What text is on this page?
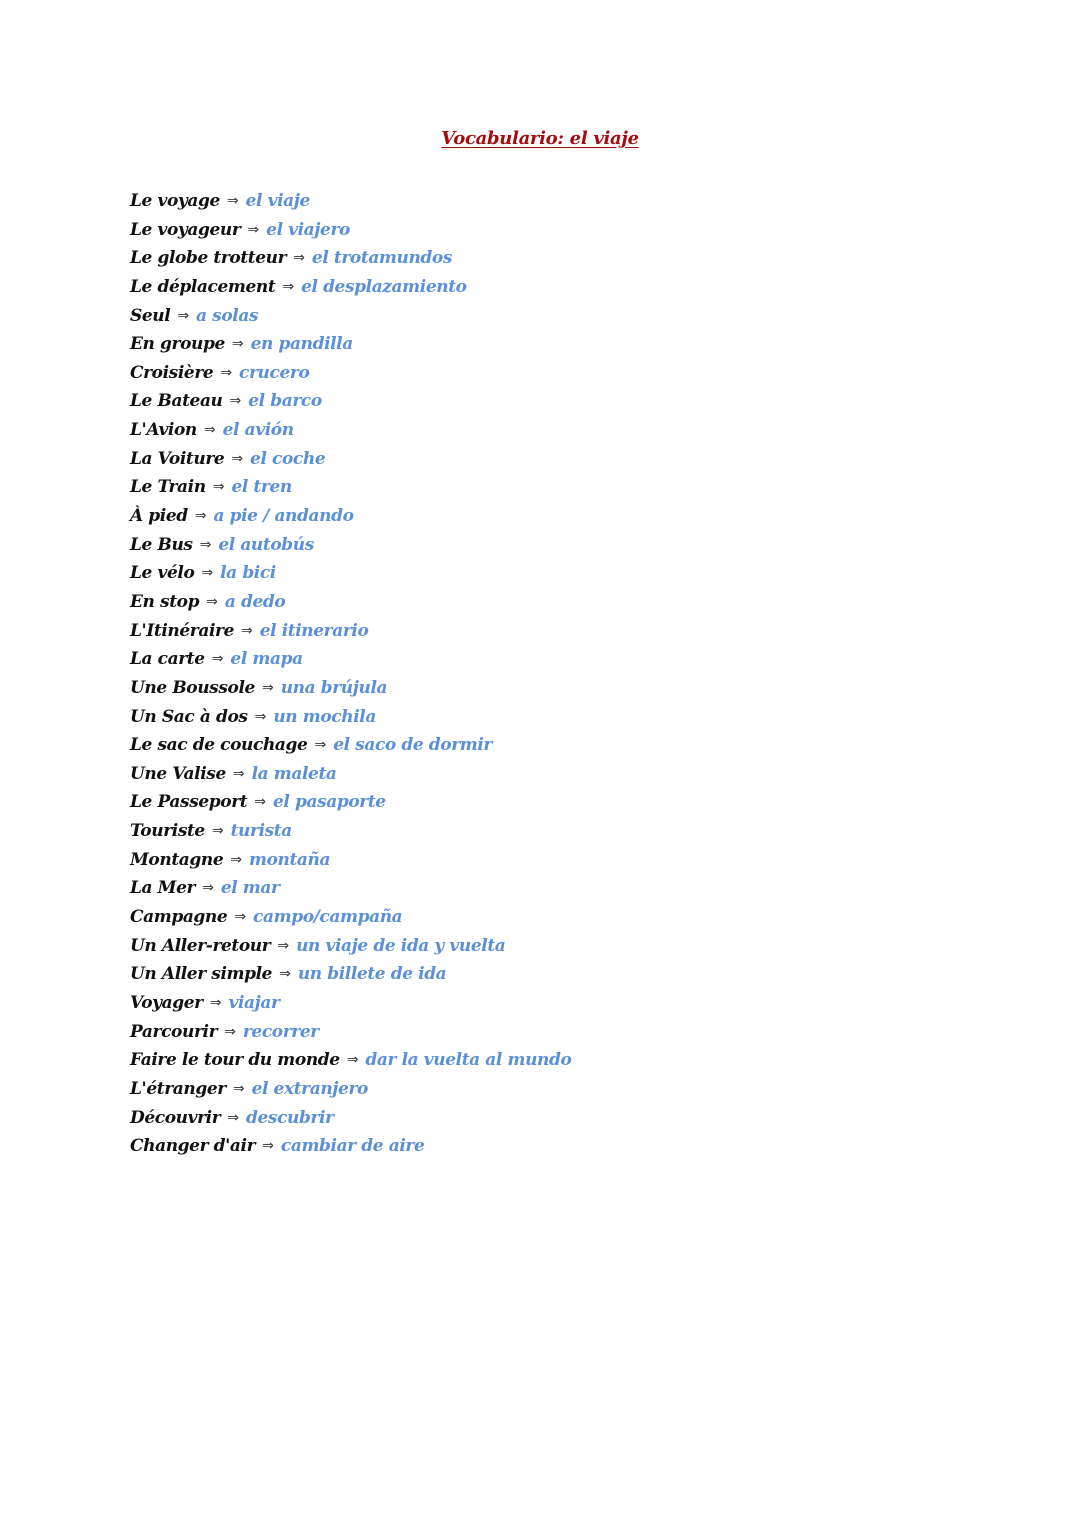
Vocabulario: el viaje
Le voyage ⇒ el viaje
Le voyageur ⇒ el viajero
Le globe trotteur ⇒ el trotamundos
Le déplacement ⇒ el desplazamiento
Seul ⇒ a solas
En groupe ⇒ en pandilla
Croisière ⇒ crucero
Le Bateau ⇒ el barco
L'Avion ⇒ el avión
La Voiture ⇒ el coche
Le Train ⇒ el tren
À pied ⇒ a pie / andando
Le Bus ⇒ el autobús
Le vélo ⇒ la bici
En stop ⇒ a dedo
L'Itinéraire ⇒ el itinerario
La carte ⇒ el mapa
Une Boussole ⇒ una brújula
Un Sac à dos ⇒ un mochila
Le sac de couchage ⇒ el saco de dormir
Une Valise ⇒ la maleta
Le Passeport ⇒ el pasaporte
Touriste ⇒ turista
Montagne ⇒ montaña
La Mer ⇒ el mar
Campagne ⇒ campo/campaña
Un Aller-retour ⇒ un viaje de ida y vuelta
Un Aller simple ⇒ un billete de ida
Voyager ⇒ viajar
Parcourir ⇒ recorrer
Faire le tour du monde ⇒ dar la vuelta al mundo
L'étranger ⇒ el extranjero
Découvrir ⇒ descubrir
Changer d'air ⇒ cambiar de aire
